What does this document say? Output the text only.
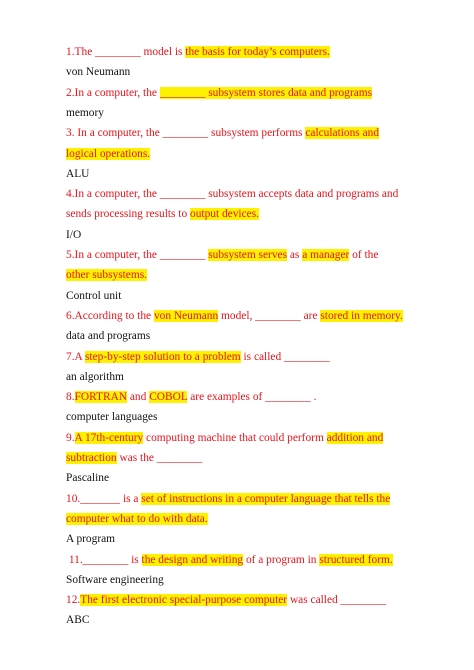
1.The ________ model is the basis for today’s computers.
von Neumann
2.In a computer, the ________ subsystem stores data and programs
memory
3. In a computer, the ________ subsystem performs calculations and
logical operations.
ALU
4.In a computer, the ________ subsystem accepts data and programs and
sends processing results to output devices.
I/O
5.In a computer, the ________ subsystem serves as a manager of the
other subsystems.
Control unit
6.According to the von Neumann model, ________ are stored in memory.
data and programs
7.A step-by-step solution to a problem is called ________
an algorithm
8.FORTRAN and COBOL are examples of ________ .
computer languages
9.A 17th-century computing machine that could perform addition and
subtraction was the ________
Pascaline
10._______ is a set of instructions in a computer language that tells the
computer what to do with data.
A program
11.________ is the design and writing of a program in structured form.
Software engineering
12.The first electronic special-purpose computer was called ________
ABC
